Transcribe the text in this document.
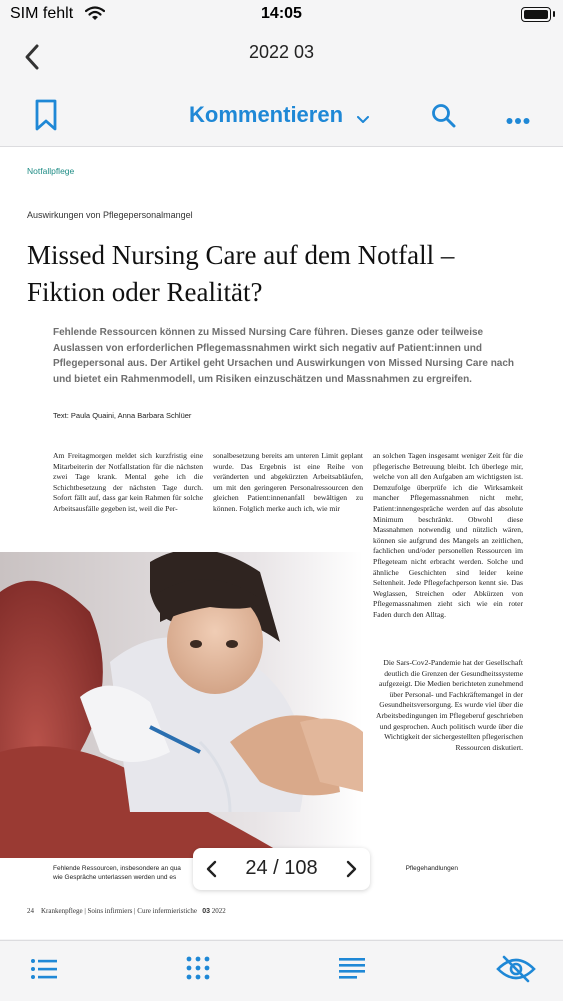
SIM fehlt	14:05
2022 03
Kommentieren
Notfallpflege
Auswirkungen von Pflegepersonalmangel
Missed Nursing Care auf dem Notfall – Fiktion oder Realität?
Fehlende Ressourcen können zu Missed Nursing Care führen. Dieses ganze oder teilweise Auslassen von erforderlichen Pflegemassnahmen wirkt sich negativ auf Patient:innen und Pflegepersonal aus. Der Artikel geht Ursachen und Auswirkungen von Missed Nursing Care nach und bietet ein Rahmenmodell, um Risiken einzuschätzen und Massnahmen zu ergreifen.
Text: Paula Quaini, Anna Barbara Schlüer
Am Freitagmorgen meldet sich kurzfristig eine Mitarbeiterin der Notfallstation für die nächsten zwei Tage krank. Mental gehe ich die Schichtbesetzung der nächsten Tage durch. Sofort fällt auf, dass gar kein Rahmen für solche Arbeitsausfälle gegeben ist, weil die Per-
sonalbesetzung bereits am unteren Limit geplant wurde. Das Ergebnis ist eine Reihe von veränderten und abgekürzten Arbeitsabläufen, um mit den geringeren Personalressourcen den gleichen Patient:innenanfall bewältigen zu können. Folglich merke auch ich, wie mir
an solchen Tagen insgesamt weniger Zeit für die pflegerische Betreuung bleibt. Ich überlege mir, welche von all den Aufgaben am wichtigsten ist. Demzufolge überprüfe ich die Wirksamkeit mancher Pflegemassnahmen nicht mehr, Patient:innengespräche werden auf das absolute Minimum beschränkt. Obwohl diese Massnahmen notwendig und nützlich wären, können sie aufgrund des Mangels an zeitlichen, fachlichen und/oder personellen Ressourcen im Pflegeteam nicht erbracht werden. Solche und ähnliche Geschichten sind leider keine Seltenheit. Jede Pflegefachperson kennt sie. Das Weglassen, Streichen oder Abkürzen von Pflegemassnahmen zieht sich wie ein roter Faden durch den Alltag.
Die Sars-Cov2-Pandemie hat der Gesellschaft deutlich die Grenzen der Gesundheitssysteme aufgezeigt. Die Medien berichteten zunehmend über Personal- und Fachkräftemangel in der Gesundheitsversorgung. Es wurde viel über die Arbeitsbedingungen im Pflegeberuf geschrieben und gesprochen. Auch politisch wurde über die Wichtigkeit der sichergestellten pflegerischen Ressourcen diskutiert.
Fehlende Ressourcen, insbesondere an qua	Pflegehandlungen
wie Gespräche unterlassen werden und es
24 Krankenpflege | Soins infirmiers | Cure infermieristiche 03 2022
24 / 108
